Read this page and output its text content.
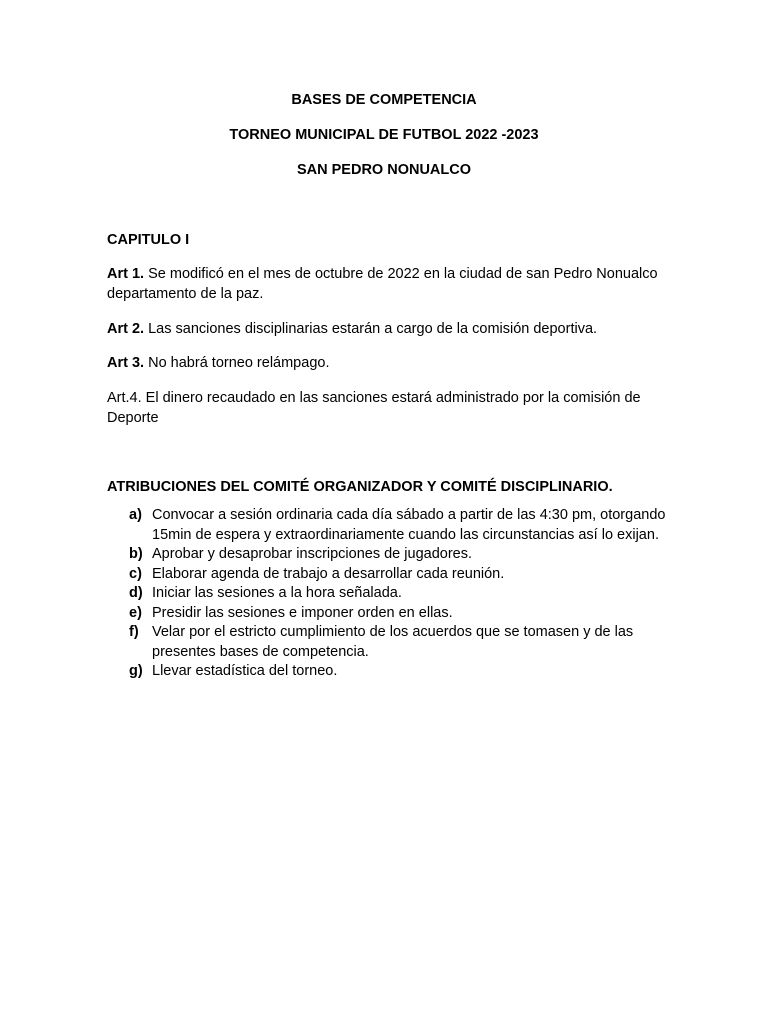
BASES DE COMPETENCIA
TORNEO MUNICIPAL DE FUTBOL 2022 -2023
SAN PEDRO NONUALCO
CAPITULO I
Art 1. Se modificó en el mes de octubre de 2022 en la ciudad de san Pedro Nonualco departamento de la paz.
Art 2. Las sanciones disciplinarias estarán a cargo de la comisión deportiva.
Art 3. No habrá torneo relámpago.
Art.4. El dinero recaudado en las sanciones estará administrado por la comisión de Deporte
ATRIBUCIONES DEL COMITÉ ORGANIZADOR Y COMITÉ DISCIPLINARIO.
a) Convocar a sesión ordinaria cada día sábado a partir de las 4:30 pm, otorgando 15min de espera y extraordinariamente cuando las circunstancias así lo exijan.
b) Aprobar y desaprobar inscripciones de jugadores.
c) Elaborar agenda de trabajo a desarrollar cada reunión.
d) Iniciar las sesiones a la hora señalada.
e) Presidir las sesiones e imponer orden en ellas.
f) Velar por el estricto cumplimiento de los acuerdos que se tomasen y de las presentes bases de competencia.
g) Llevar estadística del torneo.
